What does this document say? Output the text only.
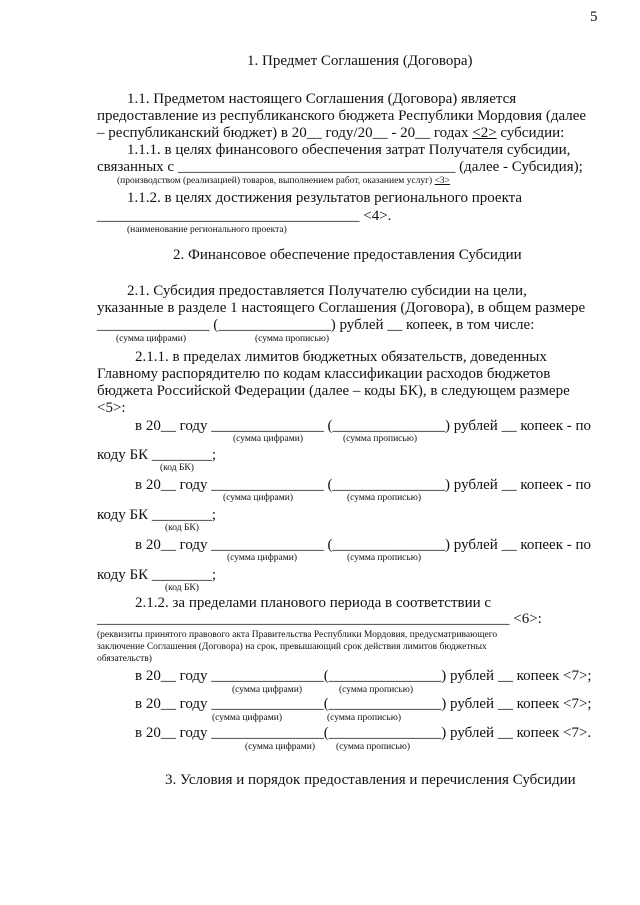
5
1. Предмет Соглашения (Договора)
1.1. Предметом настоящего Соглашения (Договора) является
предоставление из республиканского бюджета Республики Мордовия (далее
– республиканский бюджет) в 20__ году/20__ - 20__ годах <2> субсидии:
1.1.1. в целях финансового обеспечения затрат Получателя субсидии,
связанных с _____________________________________ (далее - Субсидия);
(производством (реализацией) товаров, выполнением работ, оказанием услуг) <3>
1.1.2. в целях достижения результатов регионального проекта
___________________________________ <4>.
(наименование регионального проекта)
2. Финансовое обеспечение предоставления Субсидии
2.1. Субсидия предоставляется Получателю субсидии на цели,
указанные в разделе 1 настоящего Соглашения (Договора), в общем размере
_______________ (_______________) рублей __ копеек, в том числе:
(сумма цифрами)	(сумма прописью)
2.1.1. в пределах лимитов бюджетных обязательств, доведенных
Главному распорядителю по кодам классификации расходов бюджетов
бюджета Российской Федерации (далее – коды БК), в следующем размере
<5>:
в 20__ году _______________ (_______________) рублей __ копеек - по
(сумма цифрами)	(сумма прописью)
коду БК ________;
(код БК)
в 20__ году _______________ (_______________) рублей __ копеек - по
(сумма цифрами)	(сумма прописью)
коду БК ________;
(код БК)
в 20__ году _______________ (_______________) рублей __ копеек - по
(сумма цифрами)	(сумма прописью)
коду БК ________;
(код БК)
2.1.2. за пределами планового периода в соответствии с
_______________________________________________________ <6>:
(реквизиты принятого правового акта Правительства Республики Мордовия, предусматривающего
заключение Соглашения (Договора) на срок, превышающий срок действия лимитов бюджетных
обязательств)
в 20__ году _______________(_______________) рублей __ копеек <7>;
(сумма цифрами)	(сумма прописью)
в 20__ году _______________(_______________) рублей __ копеек <7>;
(сумма цифрами)	(сумма прописью)
в 20__ году _______________(_______________) рублей __ копеек <7>.
(сумма цифрами) (сумма прописью)
3. Условия и порядок предоставления и перечисления Субсидии
